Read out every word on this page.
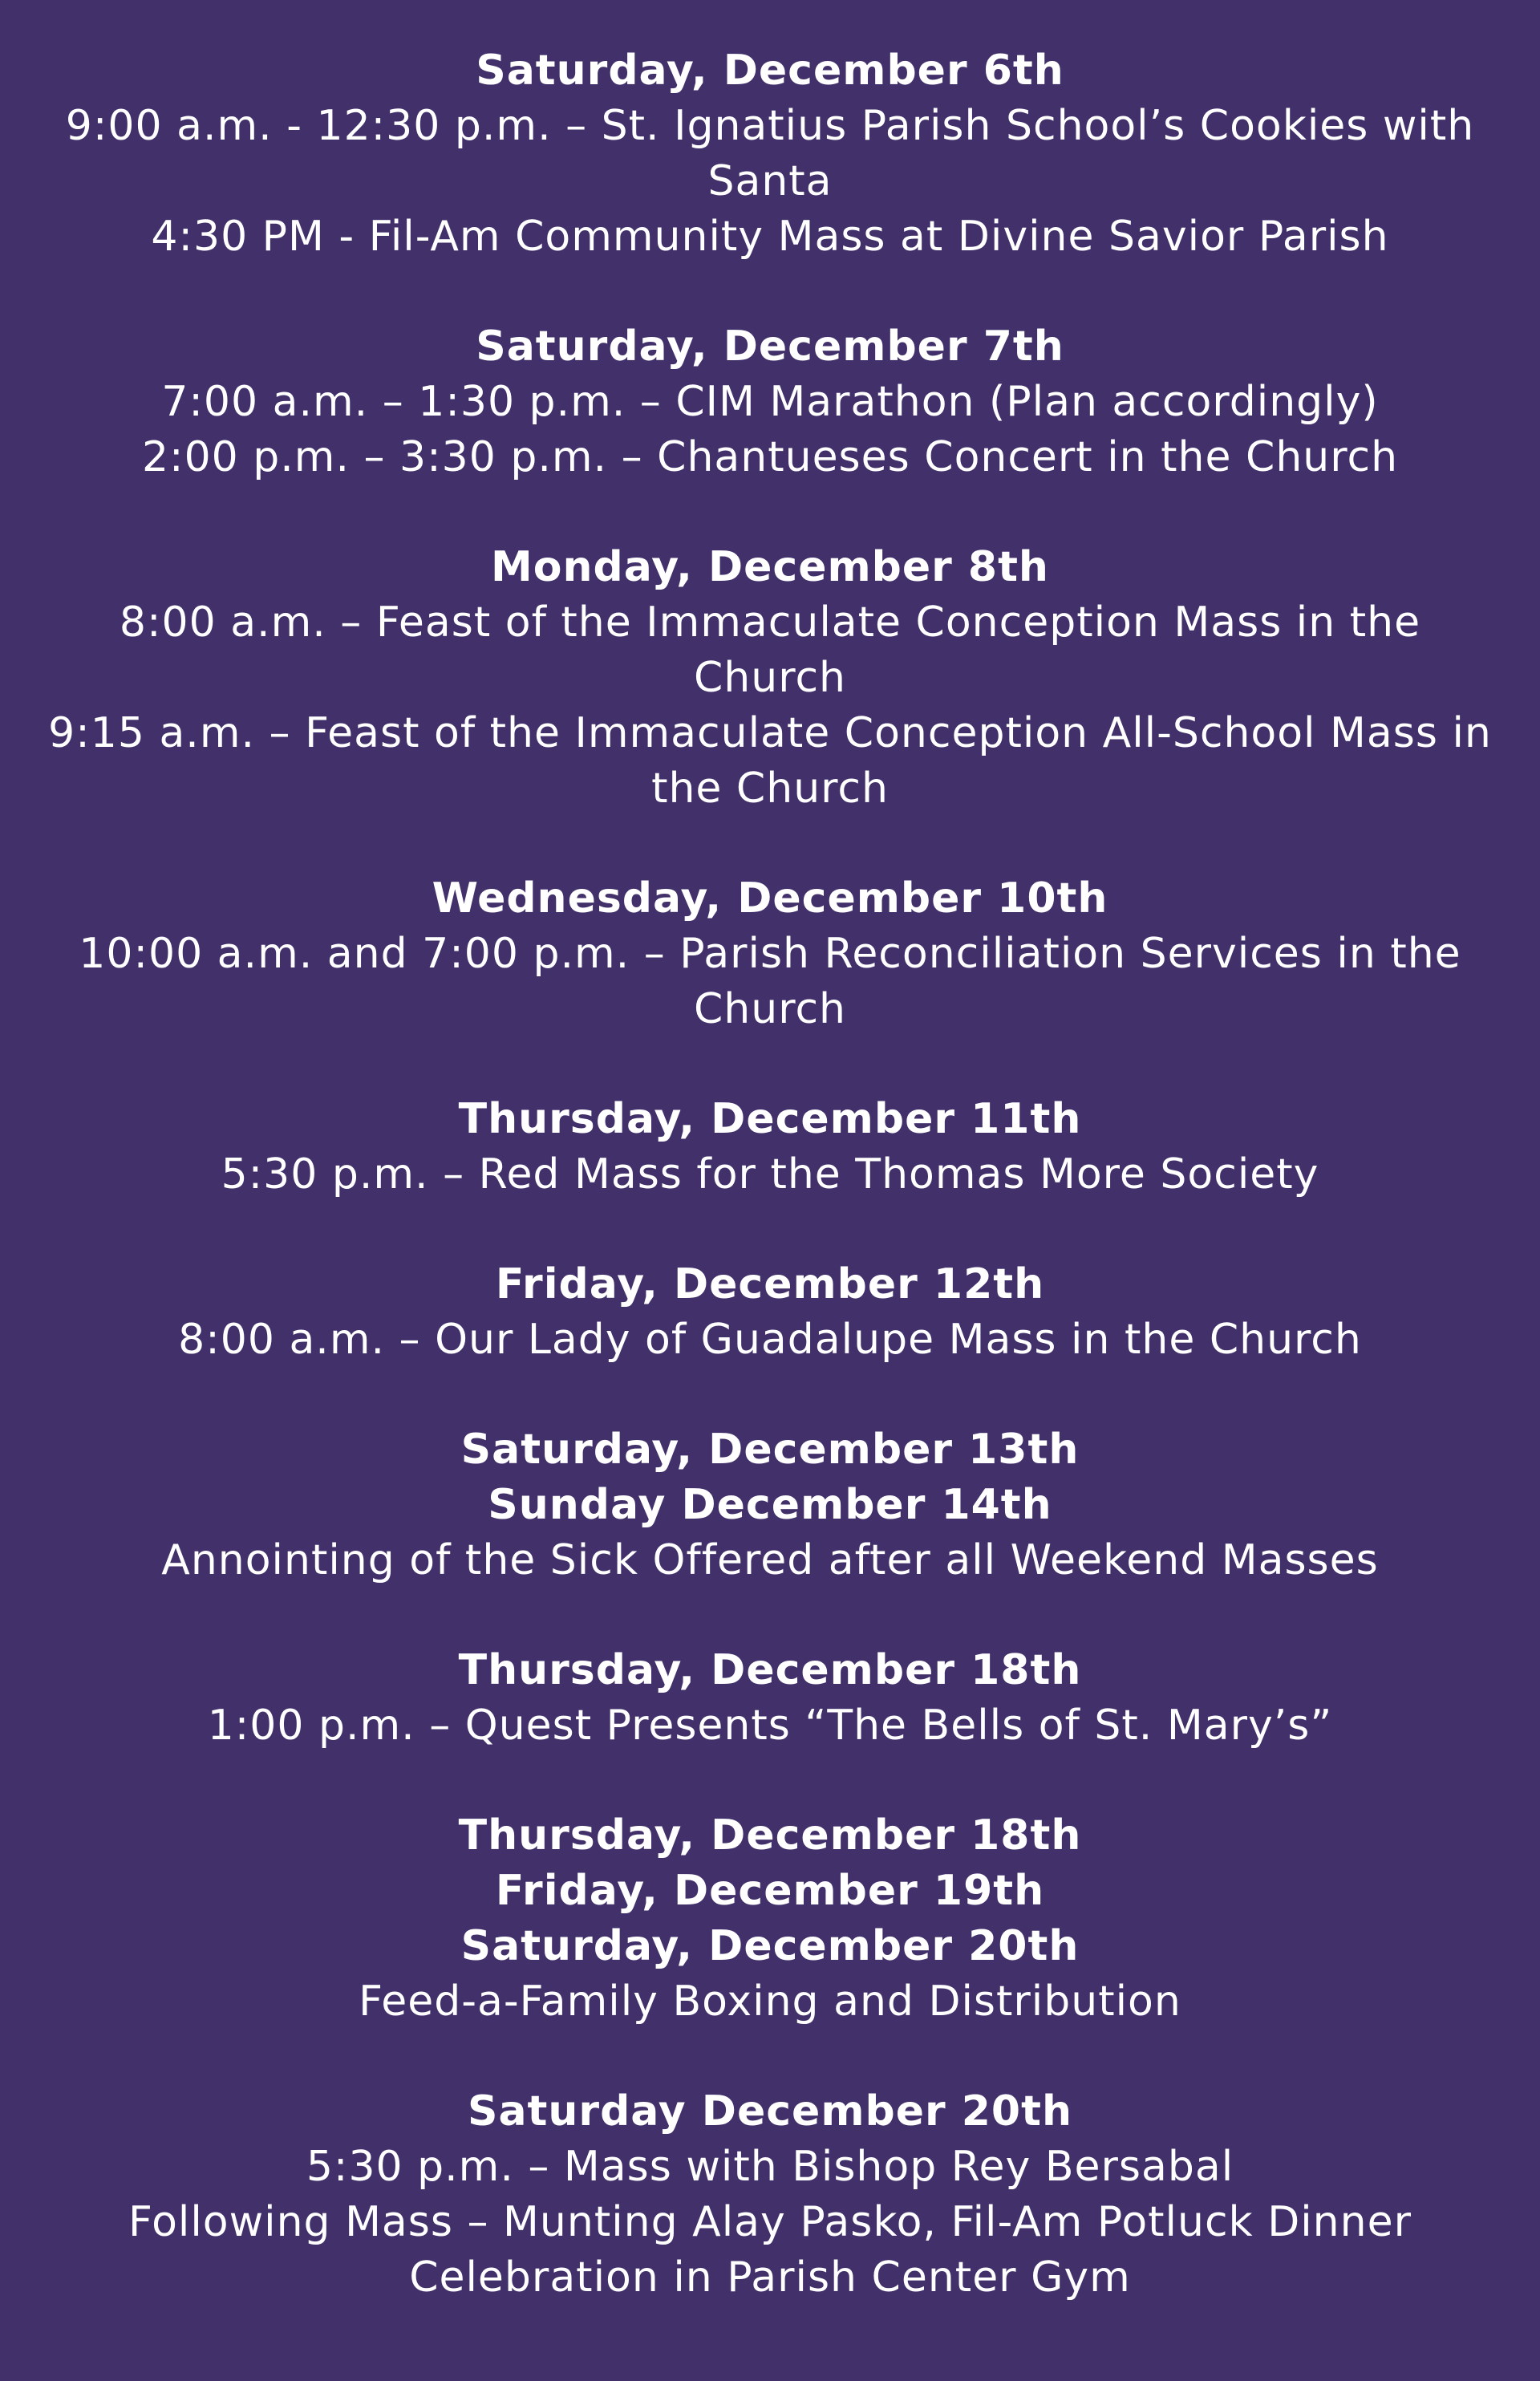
Saturday, December 6th

9:00 a.m. - 12:30 p.m. – St. Ignatius Parish School’s Cookies with Santa

4:30 PM - Fil-Am Community Mass at Divine Savior Parish

Saturday, December 7th

7:00 a.m. – 1:30 p.m. – CIM Marathon (Plan accordingly)

2:00 p.m. – 3:30 p.m. – Chantueses Concert in the Church

Monday, December 8th

8:00 a.m. – Feast of the Immaculate Conception Mass in the Church

9:15 a.m. – Feast of the Immaculate Conception All-School Mass in the Church

Wednesday, December 10th

10:00 a.m. and 7:00 p.m. – Parish Reconciliation Services in the Church

Thursday, December 11th

5:30 p.m. – Red Mass for the Thomas More Society

Friday, December 12th

8:00 a.m. – Our Lady of Guadalupe Mass in the Church

Saturday, December 13th

Sunday December 14th

Annointing of the Sick Offered after all Weekend Masses

Thursday, December 18th

1:00 p.m. – Quest Presents “The Bells of St. Mary’s”

Thursday, December 18th

Friday, December 19th

Saturday, December 20th

Feed-a-Family Boxing and Distribution

Saturday December 20th

5:30 p.m. – Mass with Bishop Rey Bersabal

Following Mass – Munting Alay Pasko, Fil-Am Potluck Dinner Celebration in Parish Center Gym
